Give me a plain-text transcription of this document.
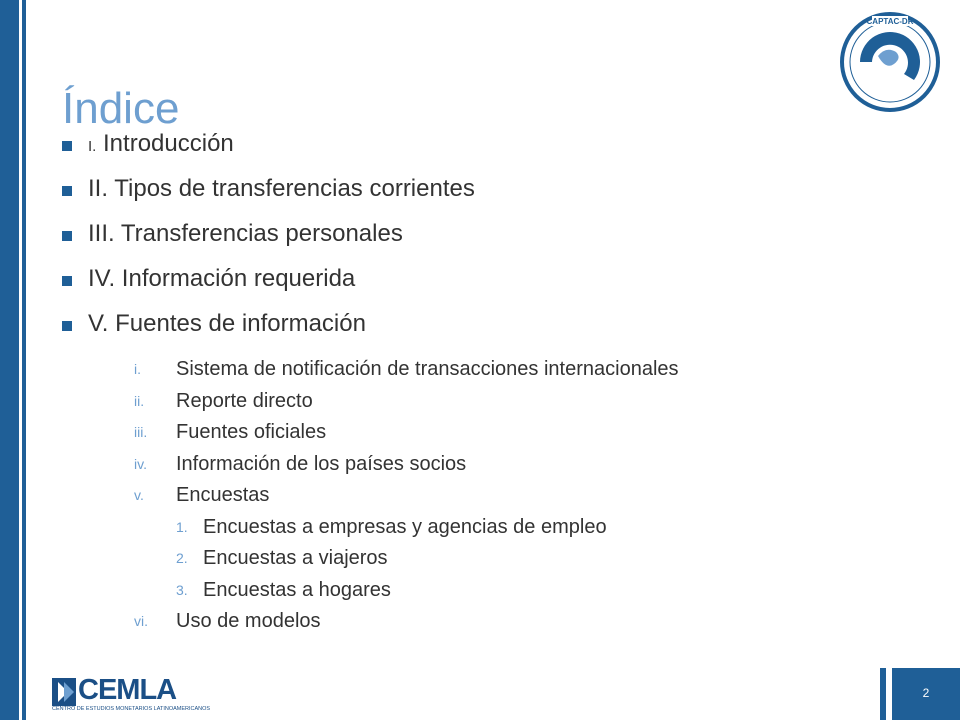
Índice
CAPTAC-DR
I. Introducción
II. Tipos de transferencias corrientes
III. Transferencias personales
IV. Información requerida
V. Fuentes de información
i.	Sistema de notificación de transacciones internacionales
ii.	Reporte directo
iii.	Fuentes oficiales
iv.	Información de los países socios
v.	Encuestas
1. Encuestas a empresas y agencias de empleo
2. Encuestas a viajeros
3. Encuestas a hogares
vi.	Uso de modelos
CEMLA
CENTRO DE ESTUDIOS MONETARIOS LATINOAMERICANOS
2
